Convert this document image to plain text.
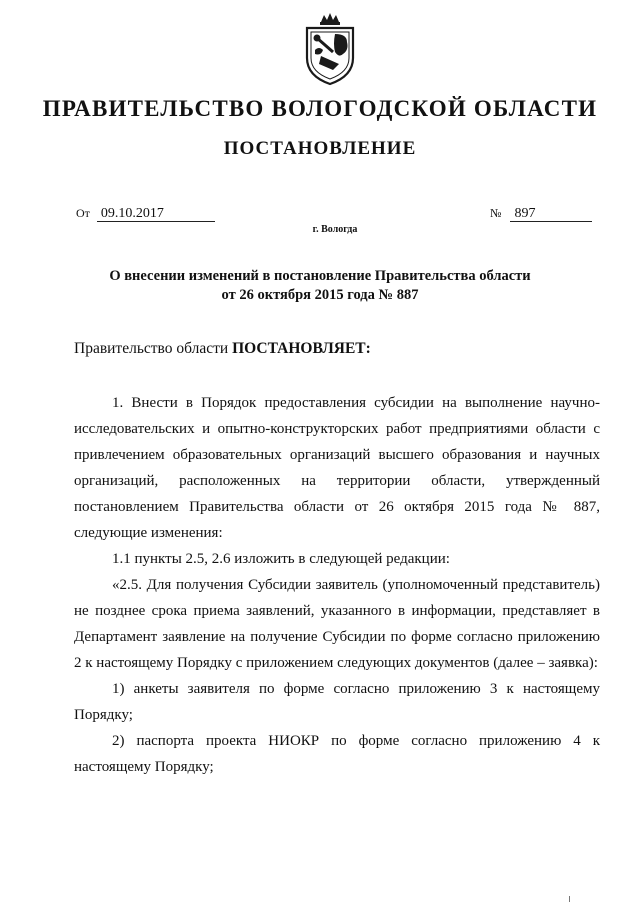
ПРАВИТЕЛЬСТВО ВОЛОГОДСКОЙ ОБЛАСТИ
ПОСТАНОВЛЕНИЕ
От 09.10.2017	№ 897
г. Вологда
О внесении изменений в постановление Правительства области
от 26 октября 2015 года № 887
Правительство области ПОСТАНОВЛЯЕТ:

1. Внести в Порядок предоставления субсидии на выполнение научно-исследовательских и опытно-конструкторских работ предприятиями области с привлечением образовательных организаций высшего образования и научных организаций, расположенных на территории области, утвержденный постановлением Правительства области от 26 октября 2015 года № 887, следующие изменения:

1.1 пункты 2.5, 2.6 изложить в следующей редакции:

«2.5. Для получения Субсидии заявитель (уполномоченный представитель) не позднее срока приема заявлений, указанного в информации, представляет в Департамент заявление на получение Субсидии по форме согласно приложению 2 к настоящему Порядку с приложением следующих документов (далее – заявка):

1) анкеты заявителя по форме согласно приложению 3 к настоящему Порядку;

2) паспорта проекта НИОКР по форме согласно приложению 4 к настоящему Порядку;
